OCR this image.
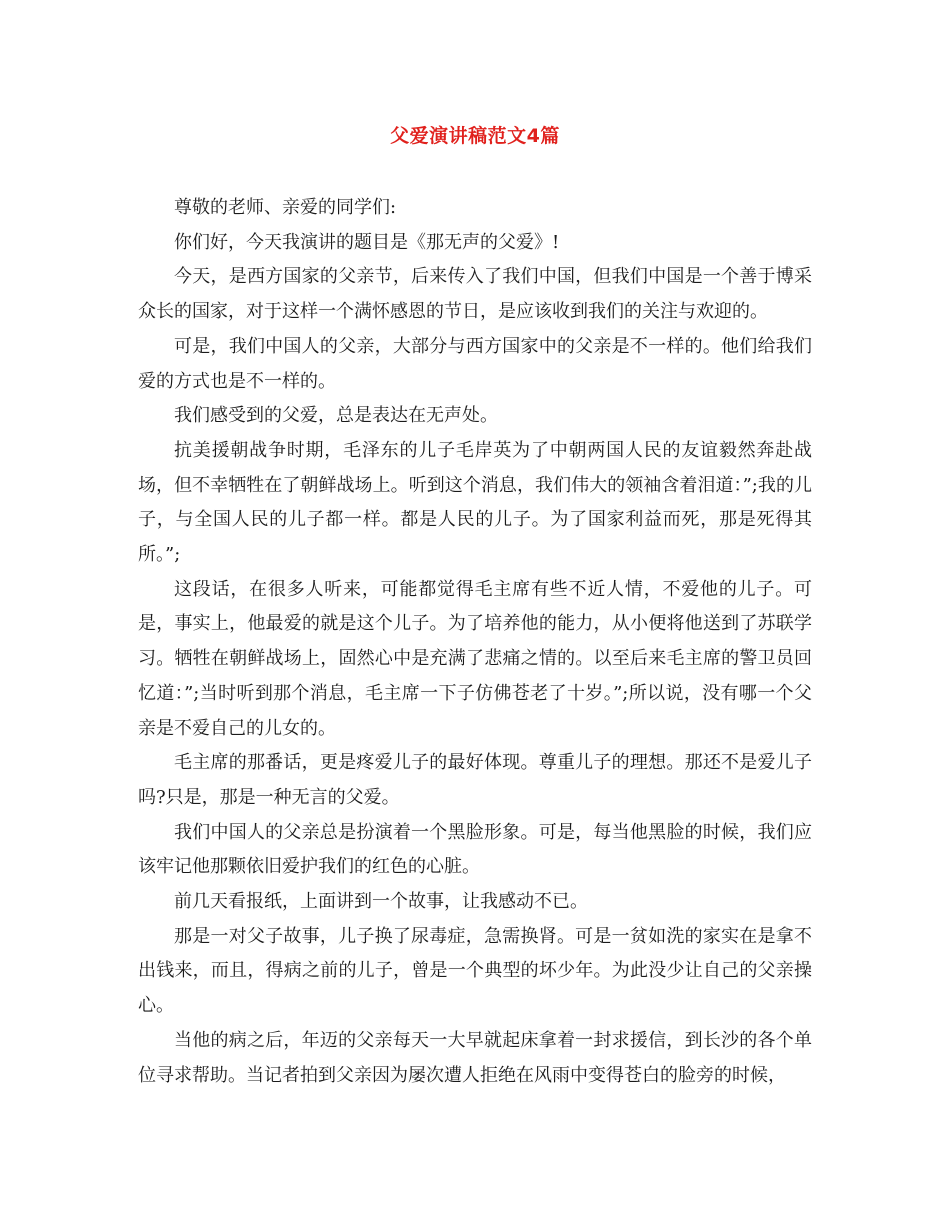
父爱演讲稿范文4篇

尊敬的老师、亲爱的同学们:

你们好，今天我演讲的题目是《那无声的父爱》!

今天，是西方国家的父亲节，后来传入了我们中国，但我们中国是一个善于博采众长的国家，对于这样一个满怀感恩的节日，是应该收到我们的关注与欢迎的。

可是，我们中国人的父亲，大部分与西方国家中的父亲是不一样的。他们给我们爱的方式也是不一样的。

我们感受到的父爱，总是表达在无声处。

抗美援朝战争时期，毛泽东的儿子毛岸英为了中朝两国人民的友谊毅然奔赴战场，但不幸牺牲在了朝鲜战场上。听到这个消息，我们伟大的领袖含着泪道：”;我的儿子，与全国人民的儿子都一样。都是人民的儿子。为了国家利益而死，那是死得其所。”;

这段话，在很多人听来，可能都觉得毛主席有些不近人情，不爱他的儿子。可是，事实上，他最爱的就是这个儿子。为了培养他的能力，从小便将他送到了苏联学习。牺牲在朝鲜战场上，固然心中是充满了悲痛之情的。以至后来毛主席的警卫员回忆道：”;当时听到那个消息，毛主席一下子仿佛苍老了十岁。”;所以说，没有哪一个父亲是不爱自己的儿女的。

毛主席的那番话，更是疼爱儿子的最好体现。尊重儿子的理想。那还不是爱儿子吗?只是，那是一种无言的父爱。

我们中国人的父亲总是扮演着一个黑脸形象。可是，每当他黑脸的时候，我们应该牢记他那颗依旧爱护我们的红色的心脏。

前几天看报纸，上面讲到一个故事，让我感动不已。

那是一对父子故事，儿子换了尿毒症，急需换肾。可是一贫如洗的家实在是拿不出钱来，而且，得病之前的儿子，曾是一个典型的坏少年。为此没少让自己的父亲操心。

当他的病之后，年迈的父亲每天一大早就起床拿着一封求援信，到长沙的各个单位寻求帮助。当记者拍到父亲因为屡次遭人拒绝在风雨中变得苍白的脸旁的时候，
